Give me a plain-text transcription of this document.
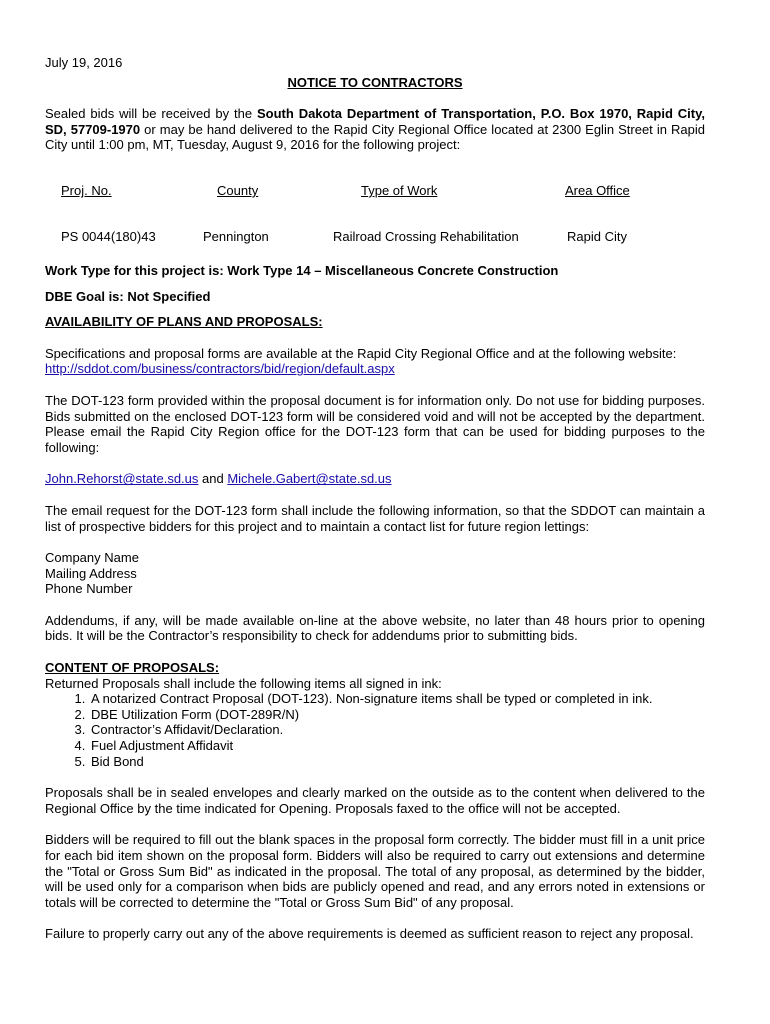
July 19, 2016

NOTICE TO CONTRACTORS

Sealed bids will be received by the South Dakota Department of Transportation, P.O. Box 1970, Rapid City, SD, 57709-1970 or may be hand delivered to the Rapid City Regional Office located at 2300 Eglin Street in Rapid City until 1:00 pm, MT, Tuesday, August 9, 2016 for the following project:

Proj. No.	County	Type of Work	Area Office
PS 0044(180)43	Pennington	Railroad Crossing Rehabilitation	Rapid City

Work Type for this project is: Work Type 14 – Miscellaneous Concrete Construction

DBE Goal is: Not Specified

AVAILABILITY OF PLANS AND PROPOSALS:

Specifications and proposal forms are available at the Rapid City Regional Office and at the following website:
http://sddot.com/business/contractors/bid/region/default.aspx

The DOT-123 form provided within the proposal document is for information only. Do not use for bidding purposes. Bids submitted on the enclosed DOT-123 form will be considered void and will not be accepted by the department. Please email the Rapid City Region office for the DOT-123 form that can be used for bidding purposes to the following:

John.Rehorst@state.sd.us and Michele.Gabert@state.sd.us

The email request for the DOT-123 form shall include the following information, so that the SDDOT can maintain a list of prospective bidders for this project and to maintain a contact list for future region lettings:

Company Name

Mailing Address

Phone Number

Addendums, if any, will be made available on-line at the above website, no later than 48 hours prior to opening bids. It will be the Contractor’s responsibility to check for addendums prior to submitting bids.

CONTENT OF PROPOSALS:

Returned Proposals shall include the following items all signed in ink:

1. A notarized Contract Proposal (DOT-123). Non-signature items shall be typed or completed in ink.
2. DBE Utilization Form (DOT-289R/N)
3. Contractor’s Affidavit/Declaration.
4. Fuel Adjustment Affidavit
5. Bid Bond

Proposals shall be in sealed envelopes and clearly marked on the outside as to the content when delivered to the Regional Office by the time indicated for Opening. Proposals faxed to the office will not be accepted.

Bidders will be required to fill out the blank spaces in the proposal form correctly. The bidder must fill in a unit price for each bid item shown on the proposal form. Bidders will also be required to carry out extensions and determine the "Total or Gross Sum Bid" as indicated in the proposal. The total of any proposal, as determined by the bidder, will be used only for a comparison when bids are publicly opened and read, and any errors noted in extensions or totals will be corrected to determine the "Total or Gross Sum Bid" of any proposal.

Failure to properly carry out any of the above requirements is deemed as sufficient reason to reject any proposal.
